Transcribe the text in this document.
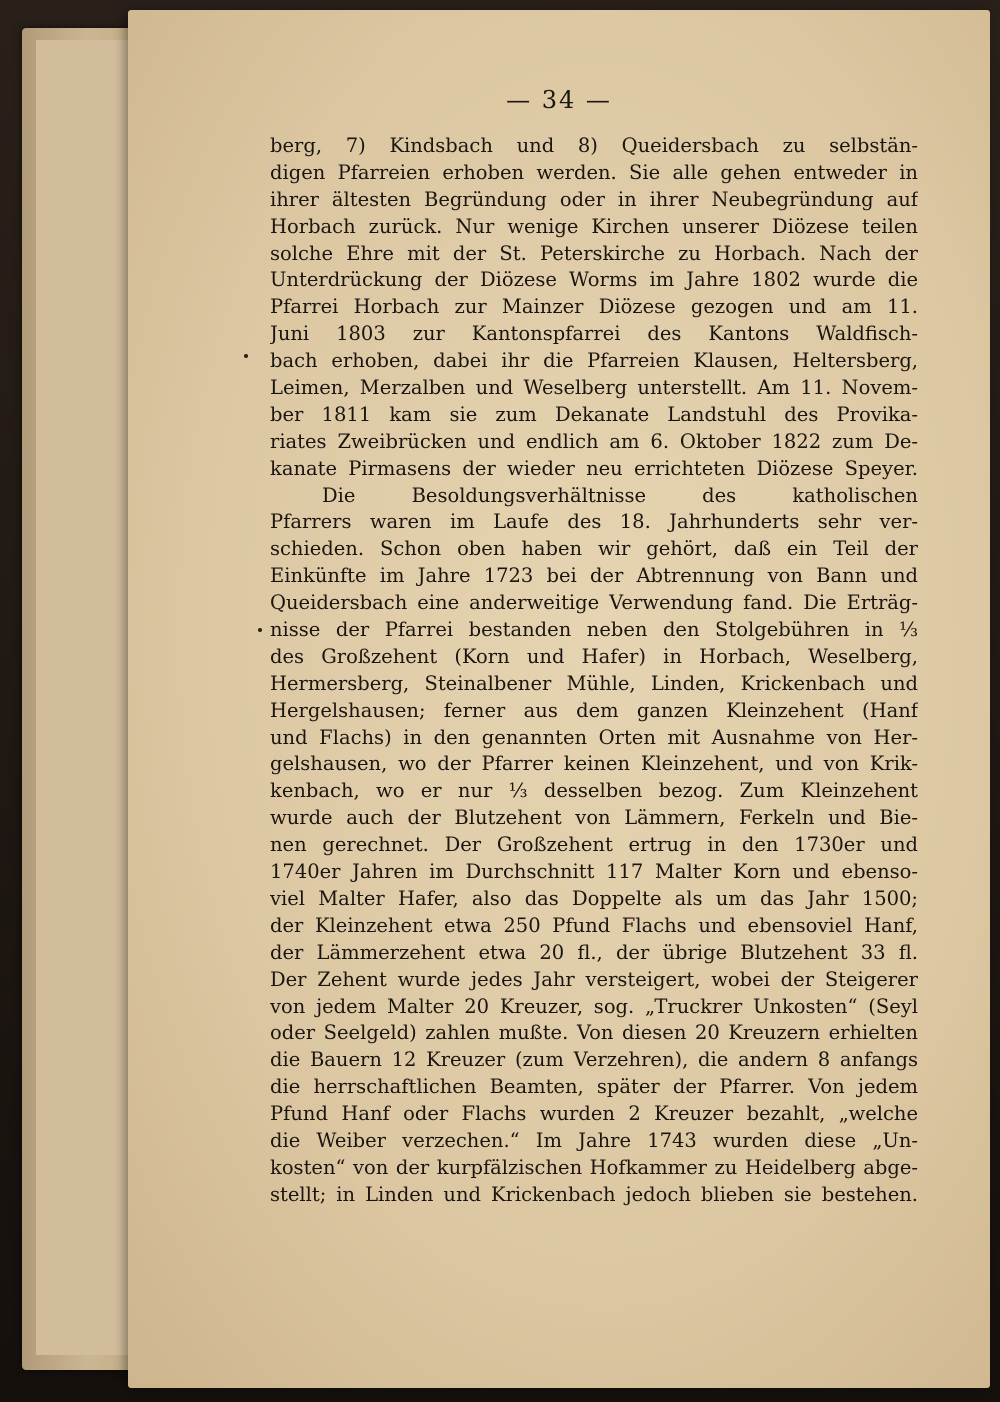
— 34 —
berg, 7) Kindsbach und 8) Queidersbach zu selbstän-
digen Pfarreien erhoben werden. Sie alle gehen entweder in
ihrer ältesten Begründung oder in ihrer Neubegründung auf
Horbach zurück. Nur wenige Kirchen unserer Diözese teilen
solche Ehre mit der St. Peterskirche zu Horbach. Nach der
Unterdrückung der Diözese Worms im Jahre 1802 wurde die
Pfarrei Horbach zur Mainzer Diözese gezogen und am 11.
Juni 1803 zur Kantonspfarrei des Kantons Waldfisch-
bach erhoben, dabei ihr die Pfarreien Klausen, Heltersberg,
Leimen, Merzalben und Weselberg unterstellt. Am 11. Novem-
ber 1811 kam sie zum Dekanate Landstuhl des Provika-
riates Zweibrücken und endlich am 6. Oktober 1822 zum De-
kanate Pirmasens der wieder neu errichteten Diözese Speyer.
Die Besoldungsverhältnisse des katholischen
Pfarrers waren im Laufe des 18. Jahrhunderts sehr ver-
schieden. Schon oben haben wir gehört, daß ein Teil der
Einkünfte im Jahre 1723 bei der Abtrennung von Bann und
Queidersbach eine anderweitige Verwendung fand. Die Erträg-
nisse der Pfarrei bestanden neben den Stolgebühren in ⅓
des Großzehent (Korn und Hafer) in Horbach, Weselberg,
Hermersberg, Steinalbener Mühle, Linden, Krickenbach und
Hergelshausen; ferner aus dem ganzen Kleinzehent (Hanf
und Flachs) in den genannten Orten mit Ausnahme von Her-
gelshausen, wo der Pfarrer keinen Kleinzehent, und von Krik-
kenbach, wo er nur ⅓ desselben bezog. Zum Kleinzehent
wurde auch der Blutzehent von Lämmern, Ferkeln und Bie-
nen gerechnet. Der Großzehent ertrug in den 1730er und
1740er Jahren im Durchschnitt 117 Malter Korn und ebenso-
viel Malter Hafer, also das Doppelte als um das Jahr 1500;
der Kleinzehent etwa 250 Pfund Flachs und ebensoviel Hanf,
der Lämmerzehent etwa 20 fl., der übrige Blutzehent 33 fl.
Der Zehent wurde jedes Jahr versteigert, wobei der Steigerer
von jedem Malter 20 Kreuzer, sog. „Truckrer Unkosten“ (Seyl
oder Seelgeld) zahlen mußte. Von diesen 20 Kreuzern erhielten
die Bauern 12 Kreuzer (zum Verzehren), die andern 8 anfangs
die herrschaftlichen Beamten, später der Pfarrer. Von jedem
Pfund Hanf oder Flachs wurden 2 Kreuzer bezahlt, „welche
die Weiber verzechen.“ Im Jahre 1743 wurden diese „Un-
kosten“ von der kurpfälzischen Hofkammer zu Heidelberg abge-
stellt; in Linden und Krickenbach jedoch blieben sie bestehen.
